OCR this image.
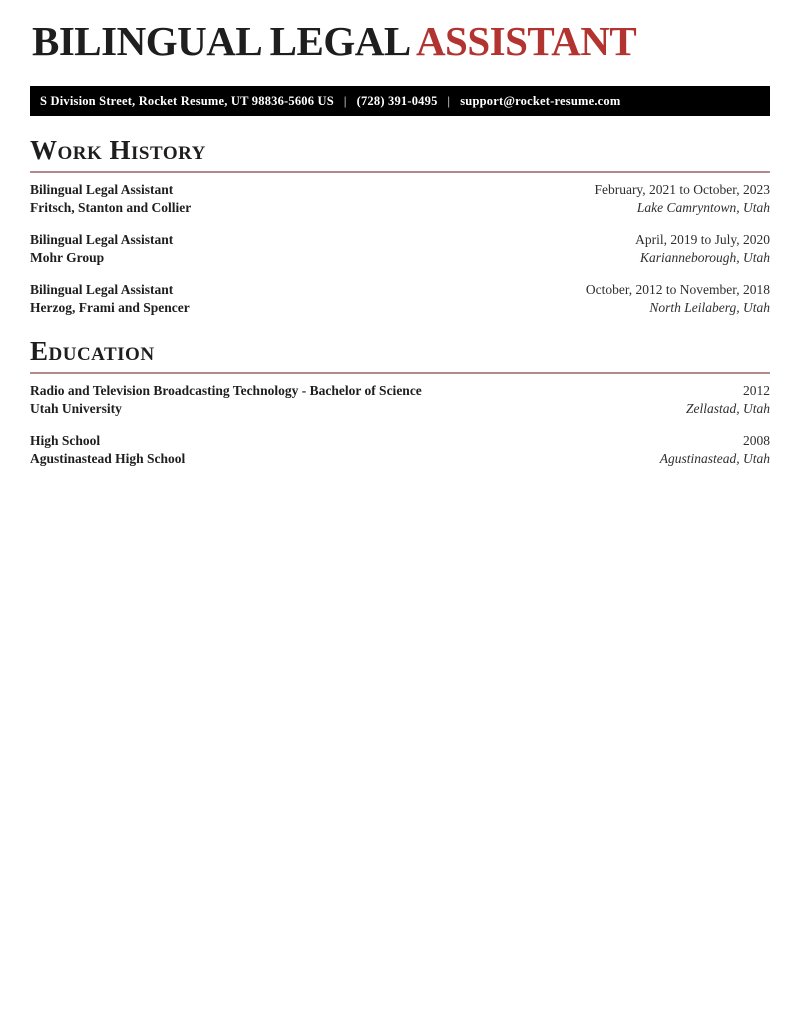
BILINGUAL LEGAL ASSISTANT
S Division Street, Rocket Resume, UT 98836-5606 US | (728) 391-0495 | support@rocket-resume.com
Work History
Bilingual Legal Assistant	February, 2021 to October, 2023
Fritsch, Stanton and Collier	Lake Camryntown, Utah
Bilingual Legal Assistant	April, 2019 to July, 2020
Mohr Group	Karianneborough, Utah
Bilingual Legal Assistant	October, 2012 to November, 2018
Herzog, Frami and Spencer	North Leilaberg, Utah
Education
Radio and Television Broadcasting Technology - Bachelor of Science	2012
Utah University	Zellastad, Utah
High School	2008
Agustinastead High School	Agustinastead, Utah
